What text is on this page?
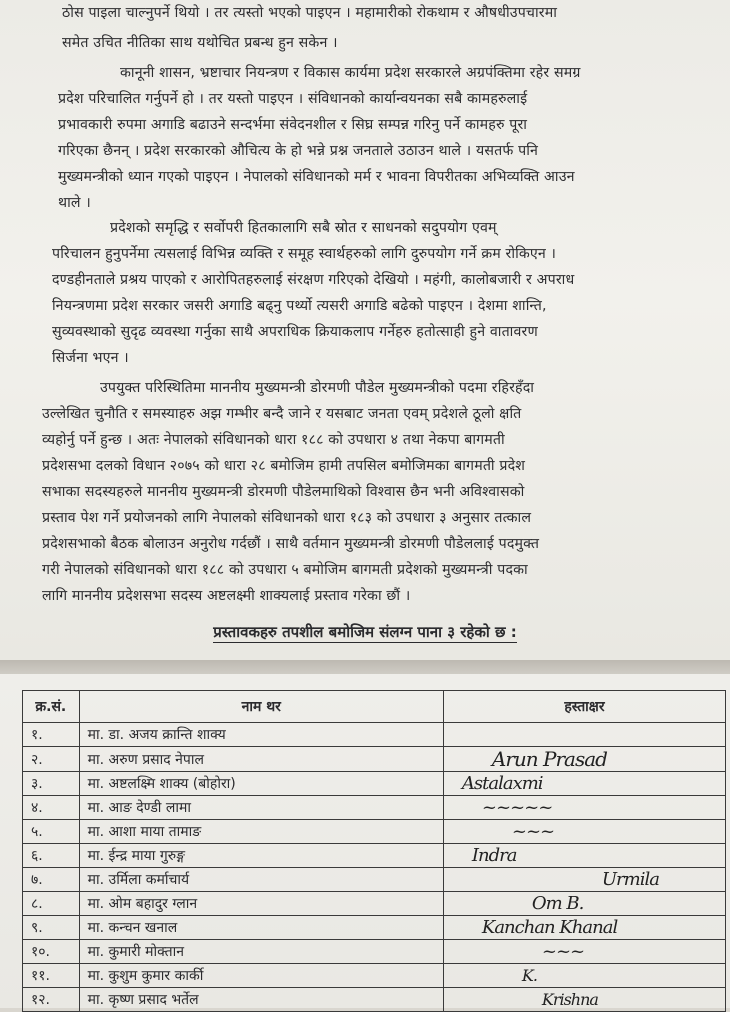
ठोस पाइला चाल्नुपर्ने थियो । तर त्यस्तो भएको पाइएन । महामारीको रोकथाम र औषधीउपचारमा
समेत उचित नीतिका साथ यथोचित प्रबन्ध हुन सकेन ।
कानूनी शासन, भ्रष्टाचार नियन्त्रण र विकास कार्यमा प्रदेश सरकारले अग्रपंक्तिमा रहेर समग्र
प्रदेश परिचालित गर्नुपर्ने हो । तर यस्तो पाइएन । संविधानको कार्यान्वयनका सबै कामहरुलाई
प्रभावकारी रुपमा अगाडि बढाउने सन्दर्भमा संवेदनशील र सिघ्र सम्पन्न गरिनु पर्ने कामहरु पूरा
गरिएका छैनन् । प्रदेश सरकारको औचित्य के हो भन्ने प्रश्न जनताले उठाउन थाले । यसतर्फ पनि
मुख्यमन्त्रीको ध्यान गएको पाइएन । नेपालको संविधानको मर्म र भावना विपरीतका अभिव्यक्ति आउन
थाले ।
प्रदेशको समृद्धि र सर्वोपरी हितकालागि सबै स्रोत र साधनको सदुपयोग एवम्
परिचालन हुनुपर्नेमा त्यसलाई विभिन्न व्यक्ति र समूह स्वार्थहरुको लागि दुरुपयोग गर्ने क्रम रोकिएन ।
दण्डहीनताले प्रश्रय पाएको र आरोपितहरुलाई संरक्षण गरिएको देखियो । महंगी, कालोबजारी र अपराध
नियन्त्रणमा प्रदेश सरकार जसरी अगाडि बढ्नु पर्थ्यो त्यसरी अगाडि बढेको पाइएन । देशमा शान्ति,
सुव्यवस्थाको सुदृढ व्यवस्था गर्नुका साथै अपराधिक क्रियाकलाप गर्नेहरु हतोत्साही हुने वातावरण
सिर्जना भएन ।
उपयुक्त परिस्थितिमा माननीय मुख्यमन्त्री डोरमणी पौडेल मुख्यमन्त्रीको पदमा रहिरहँदा
उल्लेखित चुनौति र समस्याहरु अझ गम्भीर बन्दै जाने र यसबाट जनता एवम् प्रदेशले ठूलो क्षति
व्यहोर्नु पर्ने हुन्छ । अतः नेपालको संविधानको धारा १८८ को उपधारा ४ तथा नेकपा बागमती
प्रदेशसभा दलको विधान २०७५ को धारा २८ बमोजिम हामी तपसिल बमोजिमका बागमती प्रदेश
सभाका सदस्यहरुले माननीय मुख्यमन्त्री डोरमणी पौडेलमाथिको विश्वास छैन भनी अविश्वासको
प्रस्ताव पेश गर्ने प्रयोजनको लागि नेपालको संविधानको धारा १८३ को उपधारा ३ अनुसार तत्काल
प्रदेशसभाको बैठक बोलाउन अनुरोध गर्दछौं । साथै वर्तमान मुख्यमन्त्री डोरमणी पौडेललाई पदमुक्त
गरी नेपालको संविधानको धारा १८८ को उपधारा ५ बमोजिम बागमती प्रदेशको मुख्यमन्त्री पदका
लागि माननीय प्रदेशसभा सदस्य अष्टलक्ष्मी शाक्यलाई प्रस्ताव गरेका छौं ।
प्रस्तावकहरु तपशील बमोजिम संलग्न पाना ३ रहेको छ :
क्र.सं.	नाम थर	हस्ताक्षर
१.	मा. डा. अजय क्रान्ति शाक्य	
२.	मा. अरुण प्रसाद नेपाल	Arun Prasad
३.	मा. अष्टलक्ष्मि शाक्य (बोहोरा)	Astalaxmi
४.	मा. आङ देण्डी लामा	~~~~~
५.	मा. आशा माया तामाङ	~~~
६.	मा. ईन्द्र माया गुरुङ्ग	Indra
७.	मा. उर्मिला कर्माचार्य	Urmila
८.	मा. ओम बहादुर ग्लान	Om B.
९.	मा. कन्चन खनाल	Kanchan Khanal
१०.	मा. कुमारी मोक्तान	~~~
११.	मा. कुशुम कुमार कार्की	K.
१२.	मा. कृष्ण प्रसाद भर्तेल	Krishna
